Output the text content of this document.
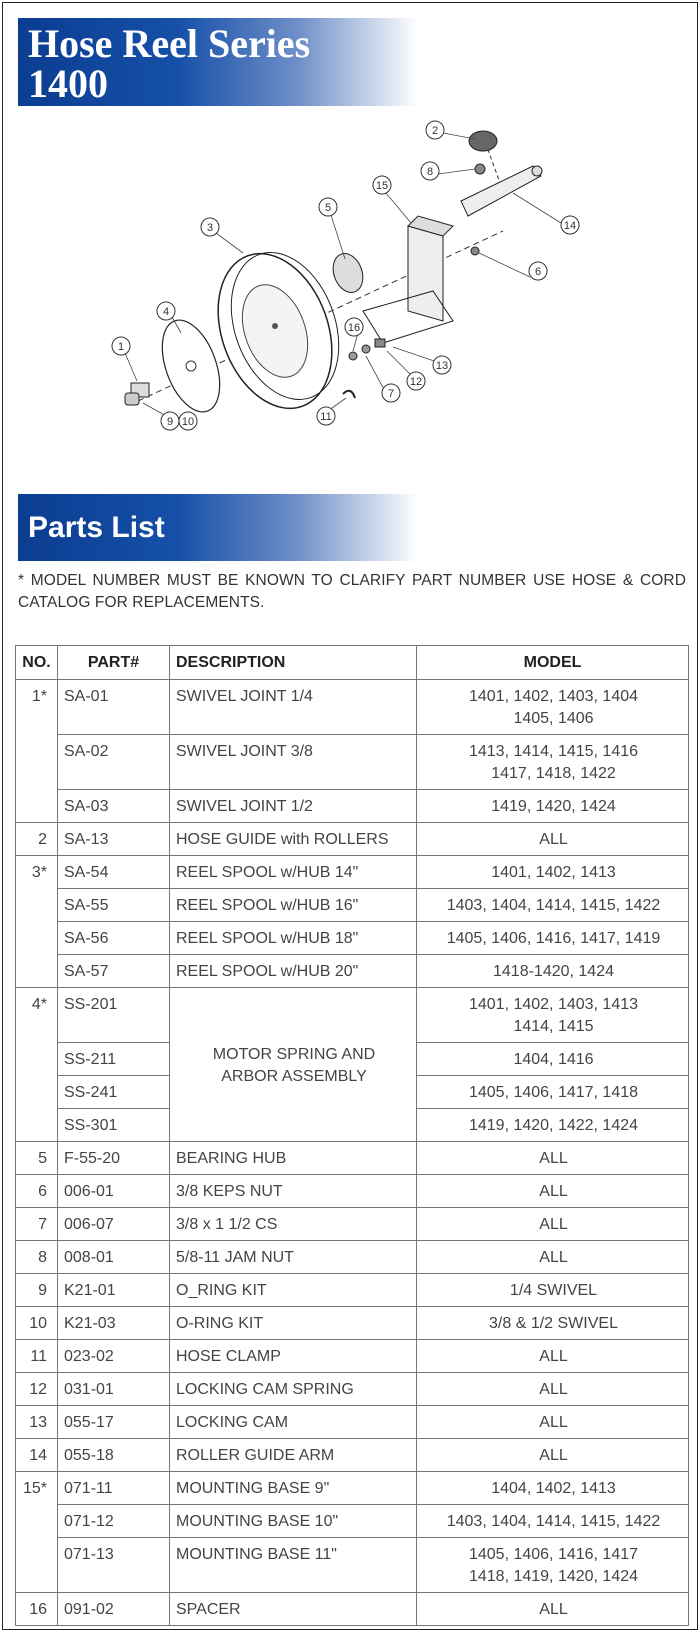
Hose Reel Series
1400
1
2
3
4
5
6
7
8
9 10	11
12
13
14
15
16
Parts List
* MODEL NUMBER MUST BE KNOWN TO CLARIFY PART NUMBER USE HOSE & CORD CATALOG FOR REPLACEMENTS.
NO.	PART#	DESCRIPTION	MODEL
1*	SA-01	SWIVEL JOINT 1/4	1401, 1402, 1403, 1404
1405, 1406
	SA-02	SWIVEL JOINT 3/8	1413, 1414, 1415, 1416
1417, 1418, 1422
	SA-03	SWIVEL JOINT 1/2	1419, 1420, 1424
2	SA-13	HOSE GUIDE with ROLLERS	ALL
3*	SA-54	REEL SPOOL w/HUB 14"	1401, 1402, 1413
	SA-55	REEL SPOOL w/HUB 16"	1403, 1404, 1414, 1415, 1422
	SA-56	REEL SPOOL w/HUB 18"	1405, 1406, 1416, 1417, 1419
	SA-57	REEL SPOOL w/HUB 20"	1418-1420, 1424
4*	SS-201	MOTOR SPRING AND
ARBOR ASSEMBLY	1401, 1402, 1403, 1413
1414, 1415
	SS-211		1404, 1416
	SS-241		1405, 1406, 1417, 1418
	SS-301		1419, 1420, 1422, 1424
5	F-55-20	BEARING HUB	ALL
6	006-01	3/8 KEPS NUT	ALL
7	006-07	3/8 x 1 1/2 CS	ALL
8	008-01	5/8-11 JAM NUT	ALL
9	K21-01	O_RING KIT	1/4 SWIVEL
10	K21-03	O-RING KIT	3/8 & 1/2 SWIVEL
11	023-02	HOSE CLAMP	ALL
12	031-01	LOCKING CAM SPRING	ALL
13	055-17	LOCKING CAM	ALL
14	055-18	ROLLER GUIDE ARM	ALL
15*	071-11	MOUNTING BASE 9"	1404, 1402, 1413
	071-12	MOUNTING BASE 10"	1403, 1404, 1414, 1415, 1422
	071-13	MOUNTING BASE 11"	1405, 1406, 1416, 1417
1418, 1419, 1420, 1424
16	091-02	SPACER	ALL
